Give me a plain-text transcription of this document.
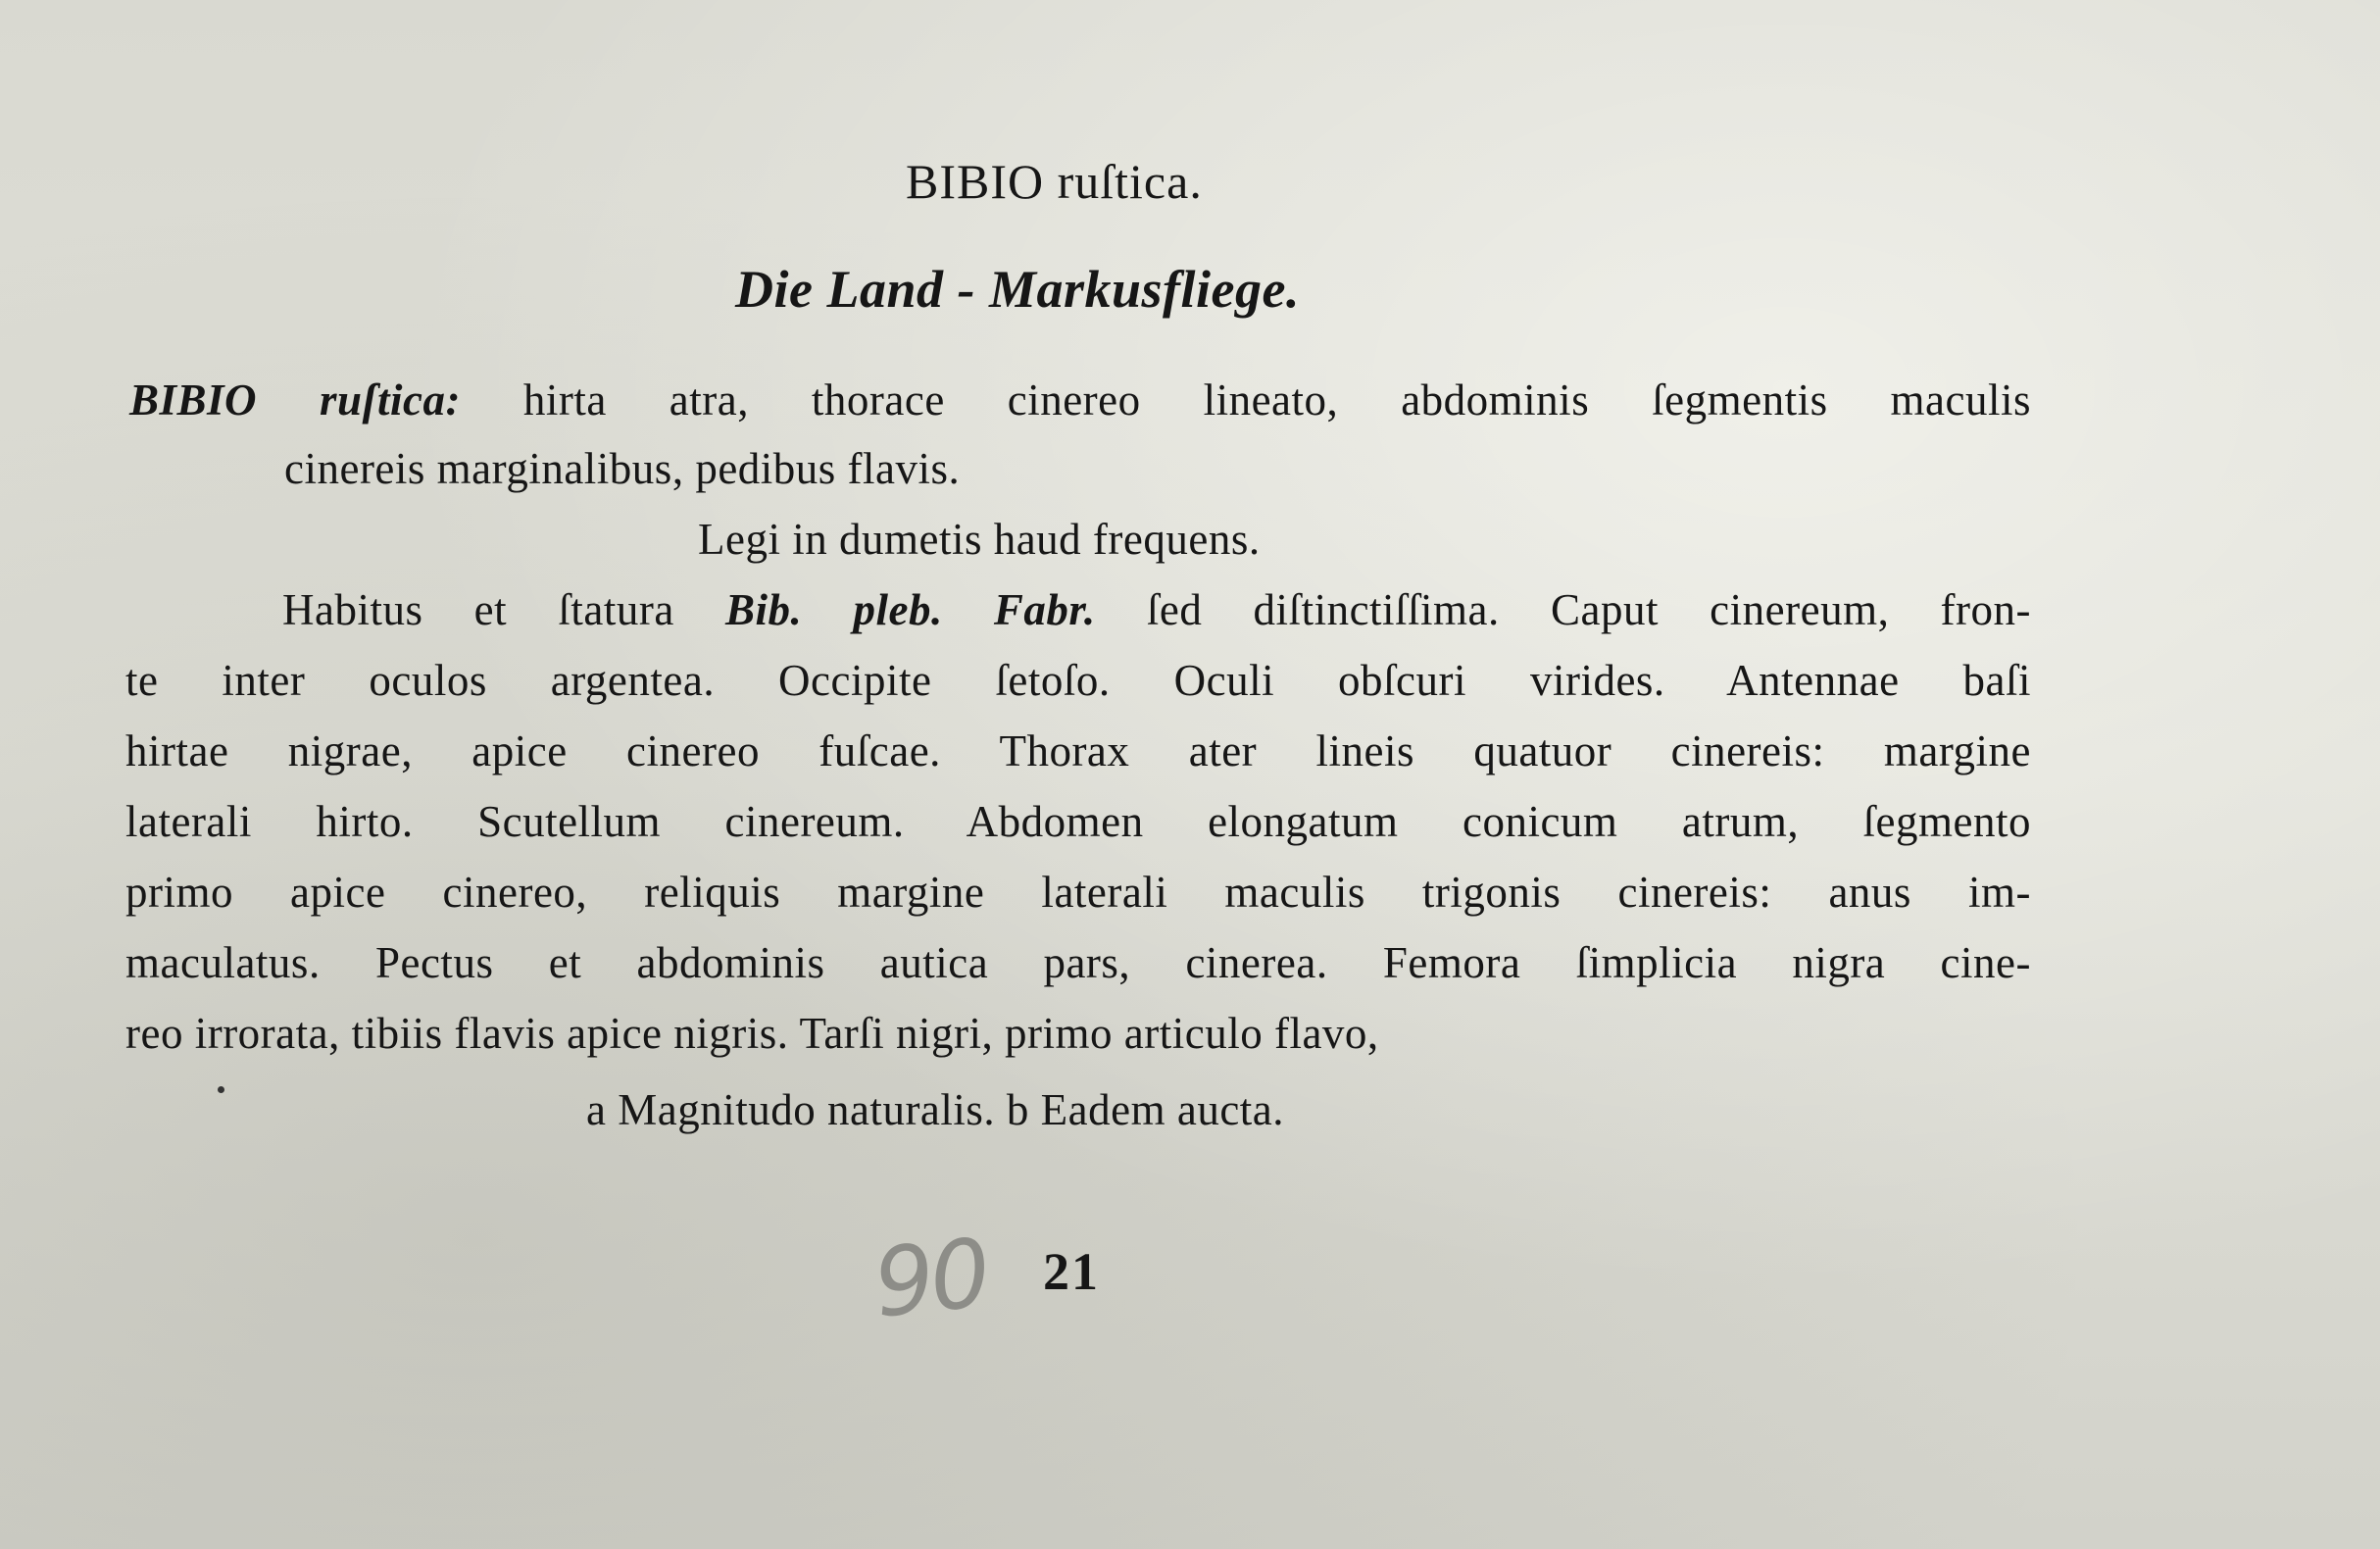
BIBIO ruſtica.
Die Land - Markusfliege.
BIBIO ruſtica: hirta atra, thorace cinereo lineato, abdominis ſegmentis maculis
cinereis marginalibus, pedibus flavis.
Legi in dumetis haud frequens.
Habitus et ſtatura Bib. pleb. Fabr. ſed diſtinctiſſima. Caput cinereum, fron-
te inter oculos argentea. Occipite ſetoſo. Oculi obſcuri virides. Antennae baſi
hirtae nigrae, apice cinereo fuſcae. Thorax ater lineis quatuor cinereis: margine
laterali hirto. Scutellum cinereum. Abdomen elongatum conicum atrum, ſegmento
primo apice cinereo, reliquis margine laterali maculis trigonis cinereis: anus im-
maculatus. Pectus et abdominis autica pars, cinerea. Femora ſimplicia nigra cine-
reo irrorata, tibiis flavis apice nigris. Tarſi nigri, primo articulo flavo,
a Magnitudo naturalis. b Eadem aucta.
90 21
